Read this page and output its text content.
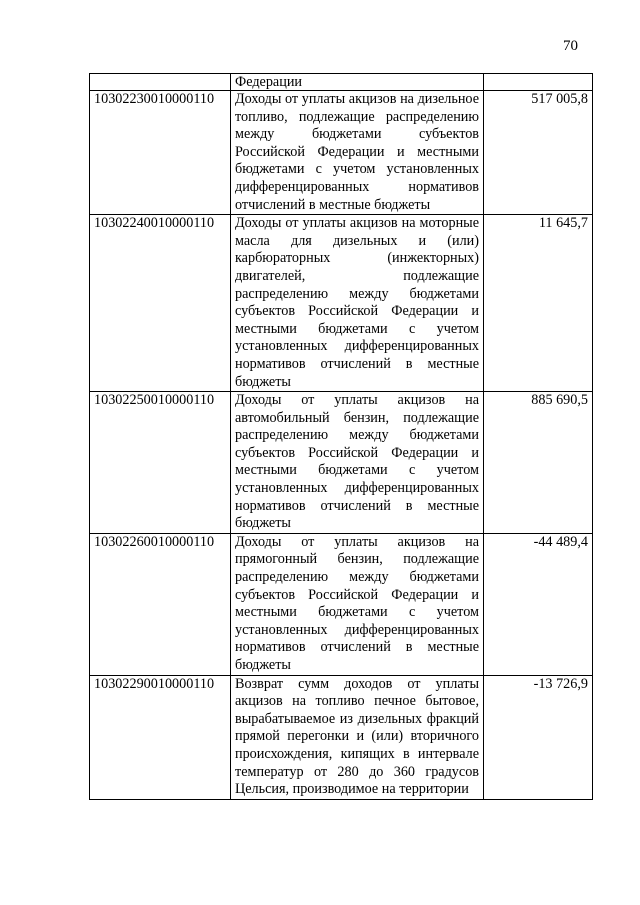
70
	Федерации	
10302230010000110	Доходы от уплаты акцизов на дизельное топливо, подлежащие распределению между бюджетами субъектов Российской Федерации и местными бюджетами с учетом установленных дифференцированных нормативов отчислений в местные бюджеты	517 005,8
10302240010000110	Доходы от уплаты акцизов на моторные масла для дизельных и (или) карбюраторных (инжекторных) двигателей, подлежащие распределению между бюджетами субъектов Российской Федерации и местными бюджетами с учетом установленных дифференцированных нормативов отчислений в местные бюджеты	11 645,7
10302250010000110	Доходы от уплаты акцизов на автомобильный бензин, подлежащие распределению между бюджетами субъектов Российской Федерации и местными бюджетами с учетом установленных дифференцированных нормативов отчислений в местные бюджеты	885 690,5
10302260010000110	Доходы от уплаты акцизов на прямогонный бензин, подлежащие распределению между бюджетами субъектов Российской Федерации и местными бюджетами с учетом установленных дифференцированных нормативов отчислений в местные бюджеты	-44 489,4
10302290010000110	Возврат сумм доходов от уплаты акцизов на топливо печное бытовое, вырабатываемое из дизельных фракций прямой перегонки и (или) вторичного происхождения, кипящих в интервале температур от 280 до 360 градусов Цельсия, производимое на территории	-13 726,9
